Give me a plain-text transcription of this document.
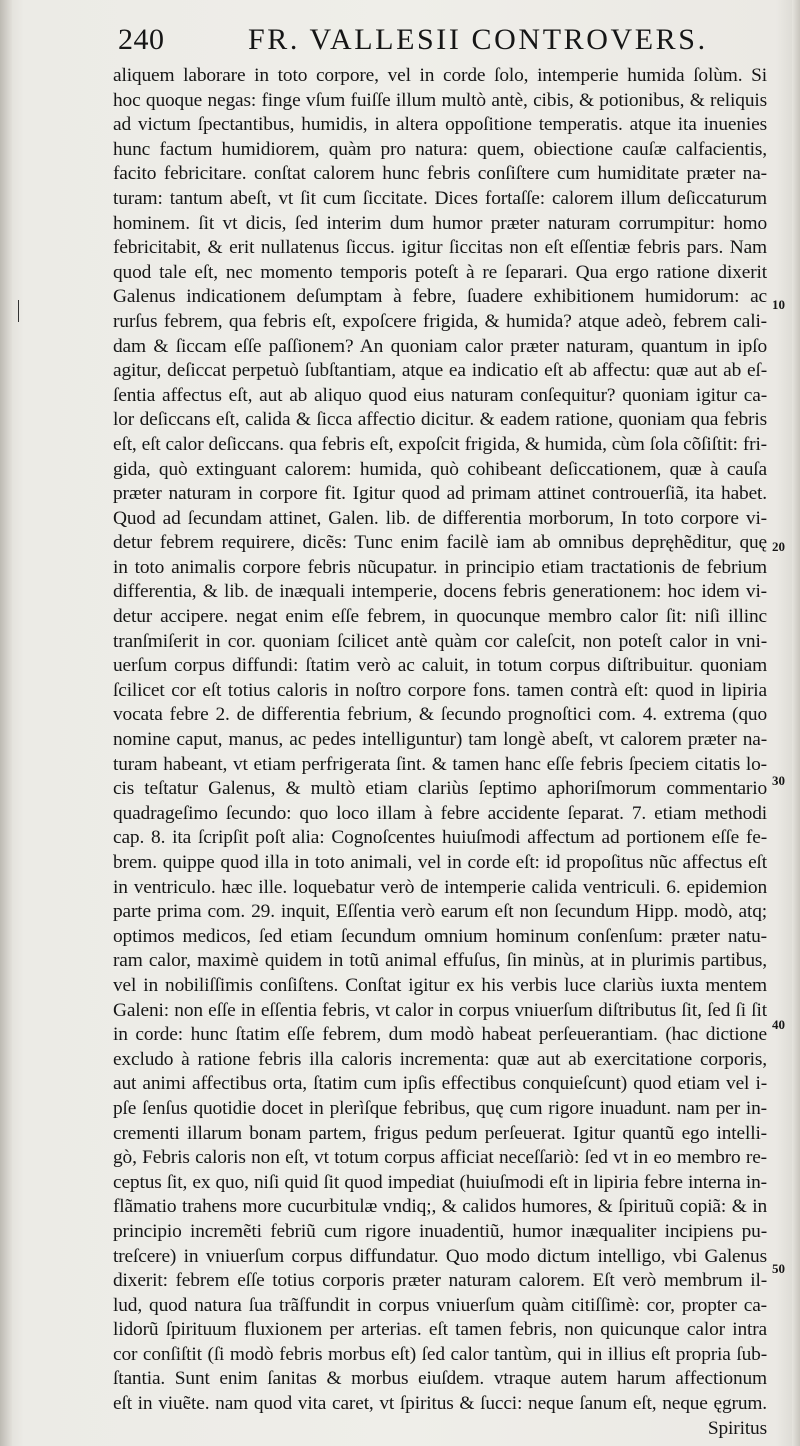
240	FR. VALLESII CONTROVERS.
aliquem laborare in toto corpore, vel in corde ſolo, intemperie humida ſolùm. Si
hoc quoque negas: finge vſum fuiſſe illum multò antè, cibis, & potionibus, & reliquis
ad victum ſpectantibus, humidis, in altera oppoſitione temperatis. atque ita inuenies
hunc factum humidiorem, quàm pro natura: quem, obiectione cauſæ calfacientis,
facito febricitare. conſtat calorem hunc febris conſiſtere cum humiditate præter na-
turam: tantum abeſt, vt ſit cum ſiccitate. Dices fortaſſe: calorem illum deſiccaturum
hominem. ſit vt dicis, ſed interim dum humor præter naturam corrumpitur: homo
febricitabit, & erit nullatenus ſiccus. igitur ſiccitas non eſt eſſentiæ febris pars. Nam
quod tale eſt, nec momento temporis poteſt à re ſeparari. Qua ergo ratione dixerit
Galenus indicationem deſumptam à febre, ſuadere exhibitionem humidorum: ac
rurſus febrem, qua febris eſt, expoſcere frigida, & humida? atque adeò, febrem cali-
dam & ſiccam eſſe paſſionem? An quoniam calor præter naturam, quantum in ipſo
agitur, deſiccat perpetuò ſubſtantiam, atque ea indicatio eſt ab affectu: quæ aut ab eſ-
ſentia affectus eſt, aut ab aliquo quod eius naturam conſequitur? quoniam igitur ca-
lor deſiccans eſt, calida & ſicca affectio dicitur. & eadem ratione, quoniam qua febris
eſt, eſt calor deſiccans. qua febris eſt, expoſcit frigida, & humida, cùm ſola cõſiſtit: fri-
gida, quò extinguant calorem: humida, quò cohibeant deſiccationem, quæ à cauſa
præter naturam in corpore fit. Igitur quod ad primam attinet controuerſiã, ita habet.
Quod ad ſecundam attinet, Galen. lib. de differentia morborum, In toto corpore vi-
detur febrem requirere, dicẽs: Tunc enim facilè iam ab omnibus depręhẽditur, quę
in toto animalis corpore febris nũcupatur. in principio etiam tractationis de febrium
differentia, & lib. de inæquali intemperie, docens febris generationem: hoc idem vi-
detur accipere. negat enim eſſe febrem, in quocunque membro calor ſit: niſi illinc
tranſmiſerit in cor. quoniam ſcilicet antè quàm cor caleſcit, non poteſt calor in vni-
uerſum corpus diffundi: ſtatim verò ac caluit, in totum corpus diſtribuitur. quoniam
ſcilicet cor eſt totius caloris in noſtro corpore fons. tamen contrà eſt: quod in lipiria
vocata febre 2. de differentia febrium, & ſecundo prognoſtici com. 4. extrema (quo
nomine caput, manus, ac pedes intelliguntur) tam longè abeſt, vt calorem præter na-
turam habeant, vt etiam perfrigerata ſint. & tamen hanc eſſe febris ſpeciem citatis lo-
cis teſtatur Galenus, & multò etiam clariùs ſeptimo aphoriſmorum commentario
quadrageſimo ſecundo: quo loco illam à febre accidente ſeparat. 7. etiam methodi
cap. 8. ita ſcripſit poſt alia: Cognoſcentes huiuſmodi affectum ad portionem eſſe fe-
brem. quippe quod illa in toto animali, vel in corde eſt: id propoſitus nũc affectus eſt
in ventriculo. hæc ille. loquebatur verò de intemperie calida ventriculi. 6. epidemion
parte prima com. 29. inquit, Eſſentia verò earum eſt non ſecundum Hipp. modò, atq;
optimos medicos, ſed etiam ſecundum omnium hominum conſenſum: præter natu-
ram calor, maximè quidem in totũ animal effuſus, ſin minùs, at in plurimis partibus,
vel in nobiliſſimis conſiſtens. Conſtat igitur ex his verbis luce clariùs iuxta mentem
Galeni: non eſſe in eſſentia febris, vt calor in corpus vniuerſum diſtributus ſit, ſed ſi ſit
in corde: hunc ſtatim eſſe febrem, dum modò habeat perſeuerantiam. (hac dictione
excludo à ratione febris illa caloris incrementa: quæ aut ab exercitatione corporis,
aut animi affectibus orta, ſtatim cum ipſis effectibus conquieſcunt) quod etiam vel i-
pſe ſenſus quotidie docet in plerìſque febribus, quę cum rigore inuadunt. nam per in-
crementi illarum bonam partem, frigus pedum perſeuerat. Igitur quantũ ego intelli-
gò, Febris caloris non eſt, vt totum corpus afficiat neceſſariò: ſed vt in eo membro re-
ceptus ſit, ex quo, niſi quid ſit quod impediat (huiuſmodi eſt in lipiria febre interna in-
flãmatio trahens more cucurbitulæ vndiq;, & calidos humores, & ſpirituũ copiã: & in
principio incremẽti febriũ cum rigore inuadentiũ, humor inæqualiter incipiens pu-
treſcere) in vniuerſum corpus diffundatur. Quo modo dictum intelligo, vbi Galenus
dixerit: febrem eſſe totius corporis præter naturam calorem. Eſt verò membrum il-
lud, quod natura ſua trãſfundit in corpus vniuerſum quàm citiſſimè: cor, propter ca-
lidorũ ſpirituum fluxionem per arterias. eſt tamen febris, non quicunque calor intra
cor conſiſtit (ſi modò febris morbus eſt) ſed calor tantùm, qui in illius eſt propria ſub-
ſtantia. Sunt enim ſanitas & morbus eiuſdem. vtraque autem harum affectionum
eſt in viuẽte. nam quod vita caret, vt ſpiritus & ſucci: neque ſanum eſt, neque ęgrum.
Spiritus
10
20
30
40
50
